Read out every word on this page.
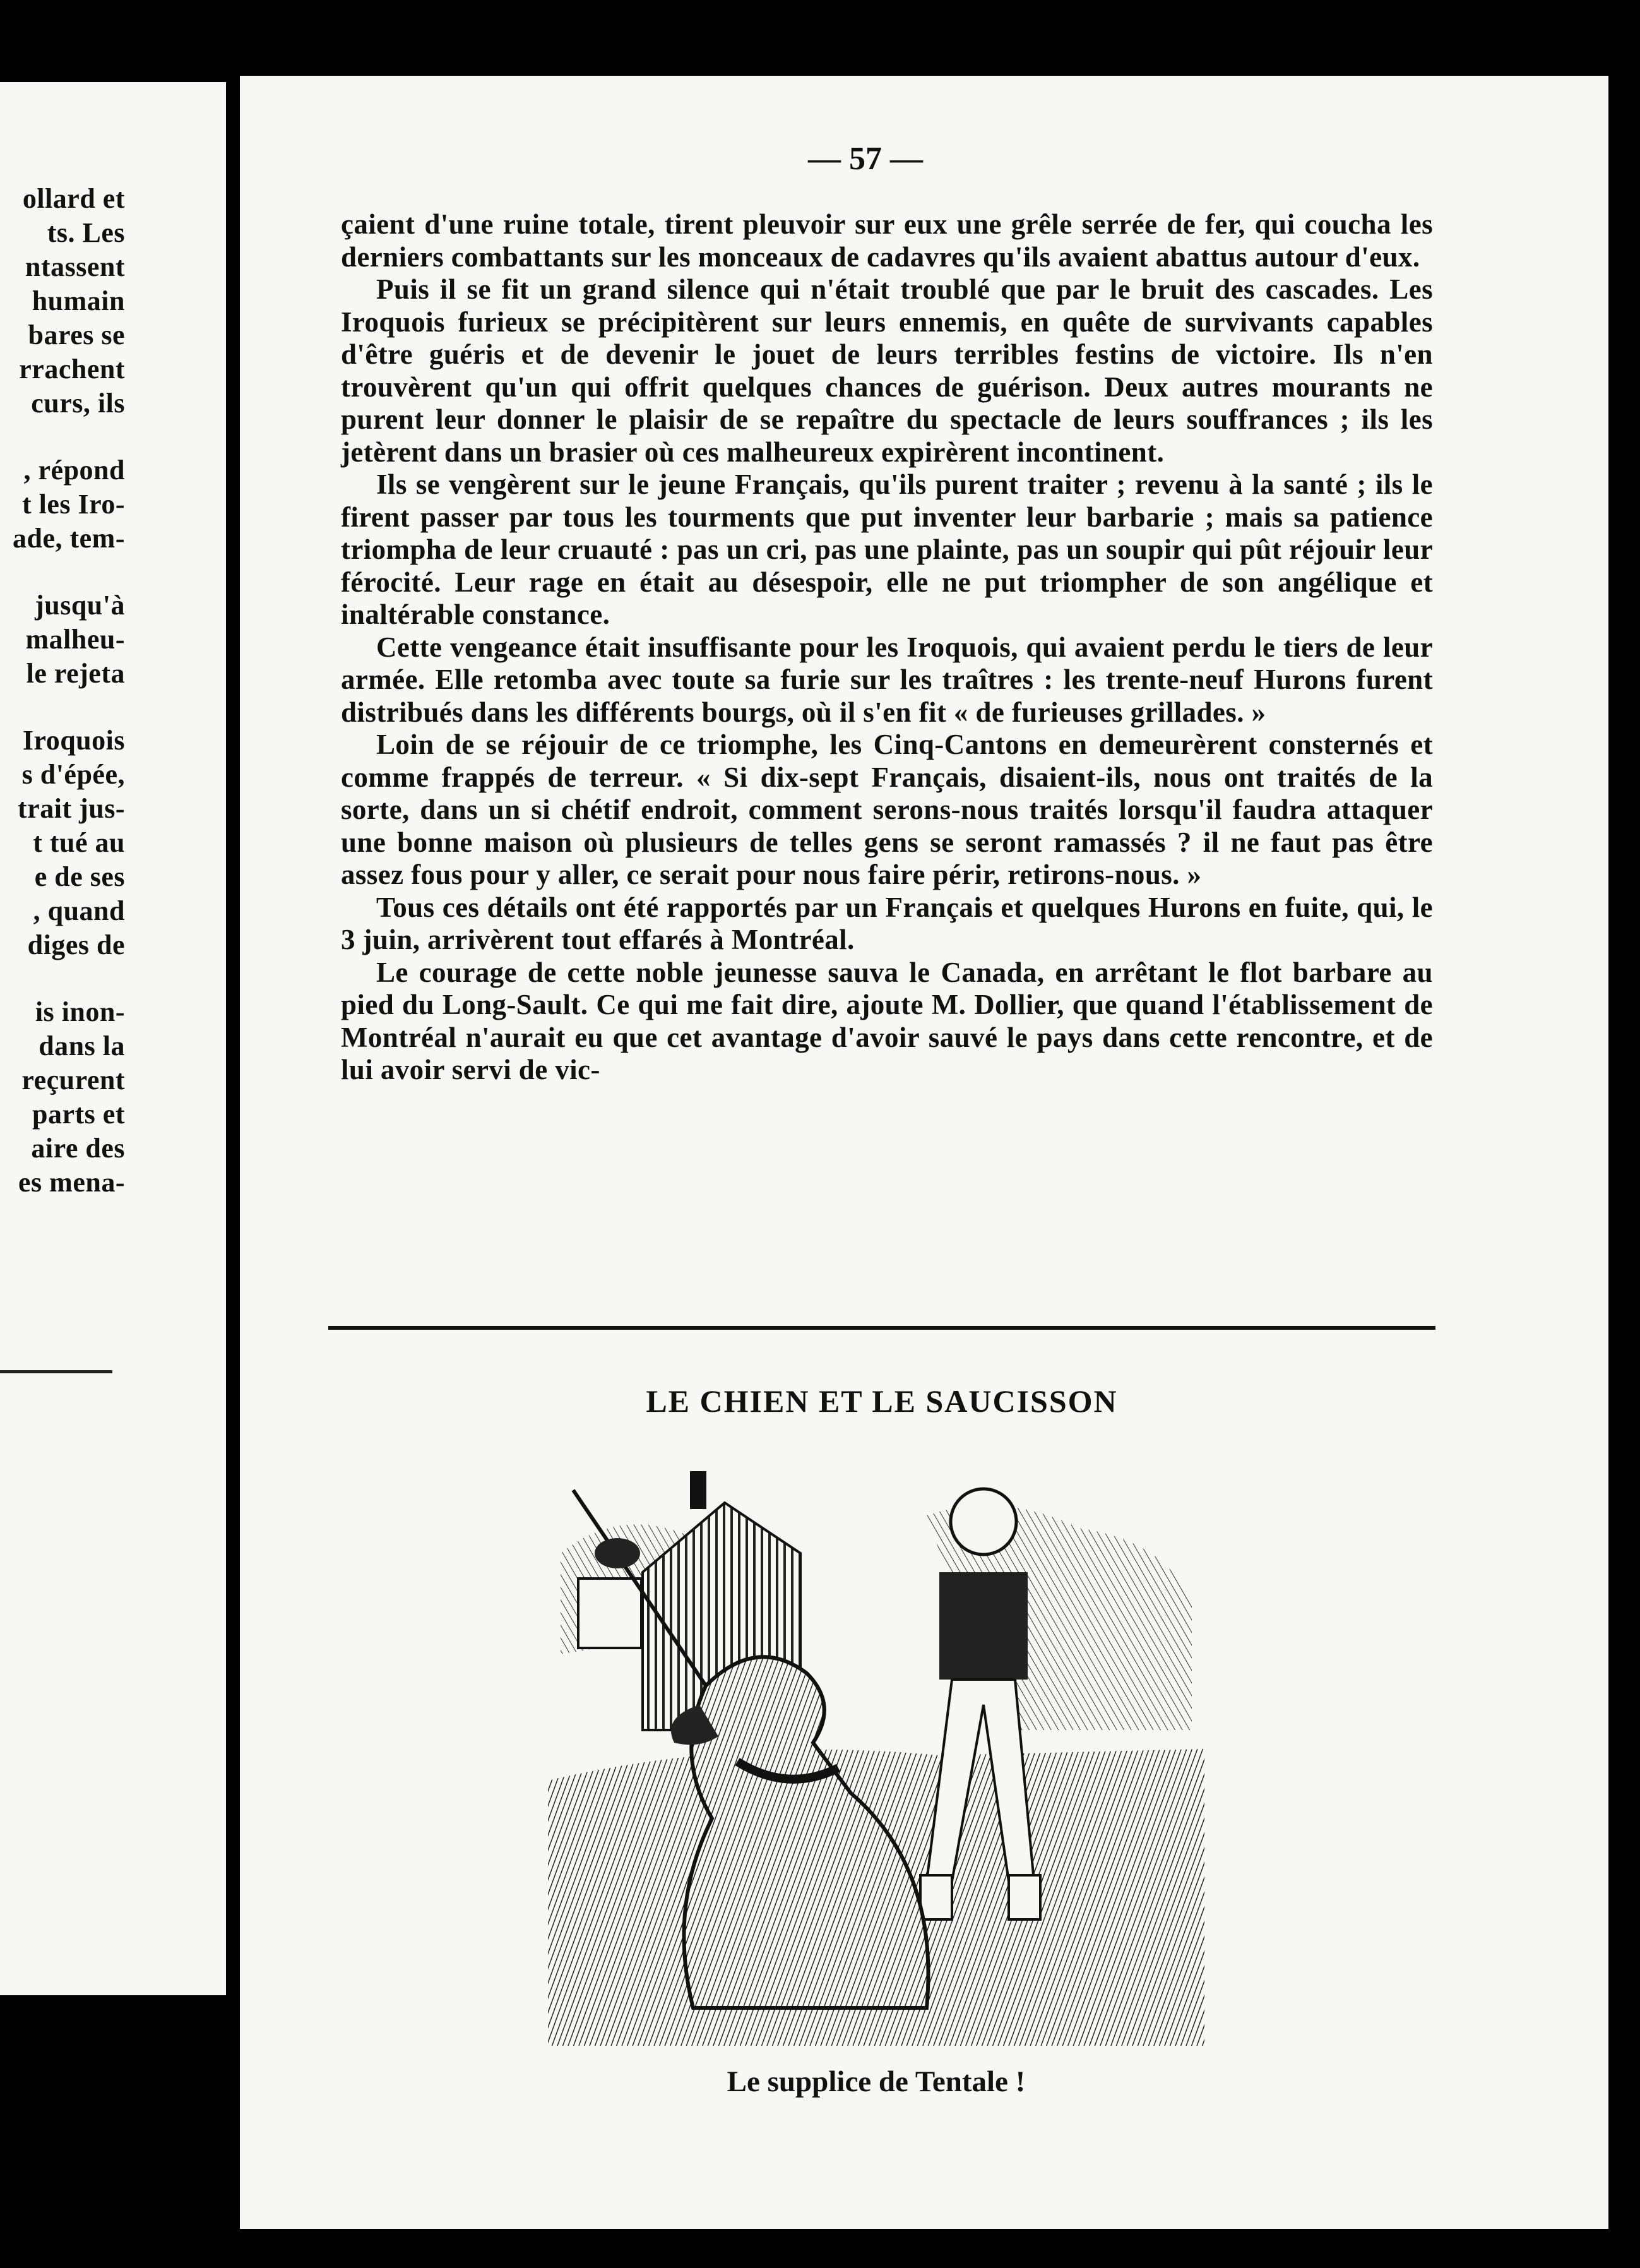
ollard et
ts. Les
ntassent
humain
bares se
rrachent
curs, ils
, répond
t les Iro-
ade, tem-
jusqu'à
malheu-
le rejeta
Iroquois
s d'épée,
trait jus-
t tué au
e de ses
, quand
diges de
is inon-
dans la
reçurent
parts et
aire des
es mena-
— 57 —

çaient d'une ruine totale, tirent pleuvoir sur eux une grêle serrée de fer, qui coucha les derniers combattants sur les monceaux de cadavres qu'ils avaient abattus autour d'eux.

Puis il se fit un grand silence qui n'était troublé que par le bruit des cascades. Les Iroquois furieux se précipitèrent sur leurs ennemis, en quête de survivants capables d'être guéris et de devenir le jouet de leurs terribles festins de victoire. Ils n'en trouvèrent qu'un qui offrit quelques chances de guérison. Deux autres mourants ne purent leur donner le plaisir de se repaître du spectacle de leurs souffrances ; ils les jetèrent dans un brasier où ces malheureux expirèrent incontinent.

Ils se vengèrent sur le jeune Français, qu'ils purent traiter ; revenu à la santé ; ils le firent passer par tous les tourments que put inventer leur barbarie ; mais sa patience triompha de leur cruauté : pas un cri, pas une plainte, pas un soupir qui pût réjouir leur férocité. Leur rage en était au désespoir, elle ne put triompher de son angélique et inaltérable constance.

Cette vengeance était insuffisante pour les Iroquois, qui avaient perdu le tiers de leur armée. Elle retomba avec toute sa furie sur les traîtres : les trente-neuf Hurons furent distribués dans les différents bourgs, où il s'en fit « de furieuses grillades. »

Loin de se réjouir de ce triomphe, les Cinq-Cantons en demeurèrent consternés et comme frappés de terreur. « Si dix-sept Français, disaient-ils, nous ont traités de la sorte, dans un si chétif endroit, comment serons-nous traités lorsqu'il faudra attaquer une bonne maison où plusieurs de telles gens se seront ramassés ? il ne faut pas être assez fous pour y aller, ce serait pour nous faire périr, retirons-nous. »

Tous ces détails ont été rapportés par un Français et quelques Hurons en fuite, qui, le 3 juin, arrivèrent tout effarés à Montréal.

Le courage de cette noble jeunesse sauva le Canada, en arrêtant le flot barbare au pied du Long-Sault. Ce qui me fait dire, ajoute M. Dollier, que quand l'établissement de Montréal n'aurait eu que cet avantage d'avoir sauvé le pays dans cette rencontre, et de lui avoir servi de vic-

LE CHIEN ET LE SAUCISSON
Le supplice de Tentale !
